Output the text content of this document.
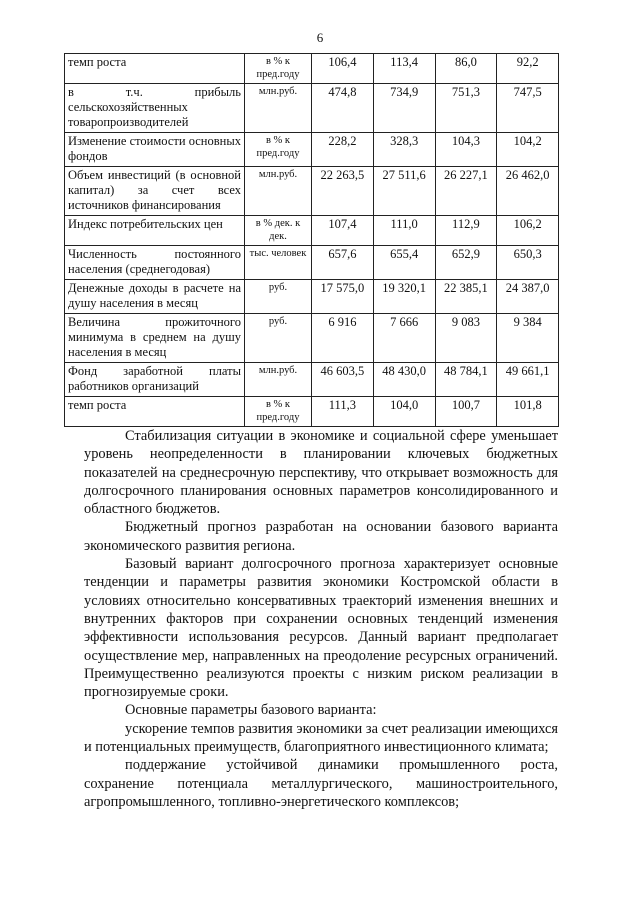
6
темп роста	в % к пред.году	106,4	113,4	86,0	92,2
в т.ч. прибыль сельскохозяйственных товаропроизводителей	млн.руб.	474,8	734,9	751,3	747,5
Изменение стоимости основных фондов	в % к пред.году	228,2	328,3	104,3	104,2
Объем инвестиций (в основной капитал) за счет всех источников финансирования	млн.руб.	22 263,5	27 511,6	26 227,1	26 462,0
Индекс потребительских цен	в % дек. к дек.	107,4	111,0	112,9	106,2
Численность постоянного населения (среднегодовая)	тыс. человек	657,6	655,4	652,9	650,3
Денежные доходы в расчете на душу населения в месяц	руб.	17 575,0	19 320,1	22 385,1	24 387,0
Величина прожиточного минимума в среднем на душу населения в месяц	руб.	6 916	7 666	9 083	9 384
Фонд заработной платы работников организаций	млн.руб.	46 603,5	48 430,0	48 784,1	49 661,1
темп роста	в % к пред.году	111,3	104,0	100,7	101,8

Стабилизация ситуации в экономике и социальной сфере уменьшает уровень неопределенности в планировании ключевых бюджетных показателей на среднесрочную перспективу, что открывает возможность для долгосрочного планирования основных параметров консолидированного и областного бюджетов.

Бюджетный прогноз разработан на основании базового варианта экономического развития региона.

Базовый вариант долгосрочного прогноза характеризует основные тенденции и параметры развития экономики Костромской области в условиях относительно консервативных траекторий изменения внешних и внутренних факторов при сохранении основных тенденций изменения эффективности использования ресурсов. Данный вариант предполагает осуществление мер, направленных на преодоление ресурсных ограничений. Преимущественно реализуются проекты с низким риском реализации в прогнозируемые сроки.

Основные параметры базового варианта:

ускорение темпов развития экономики за счет реализации имеющихся и потенциальных преимуществ, благоприятного инвестиционного климата;

поддержание устойчивой динамики промышленного роста, сохранение потенциала металлургического, машиностроительного, агропромышленного, топливно-энергетического комплексов;
